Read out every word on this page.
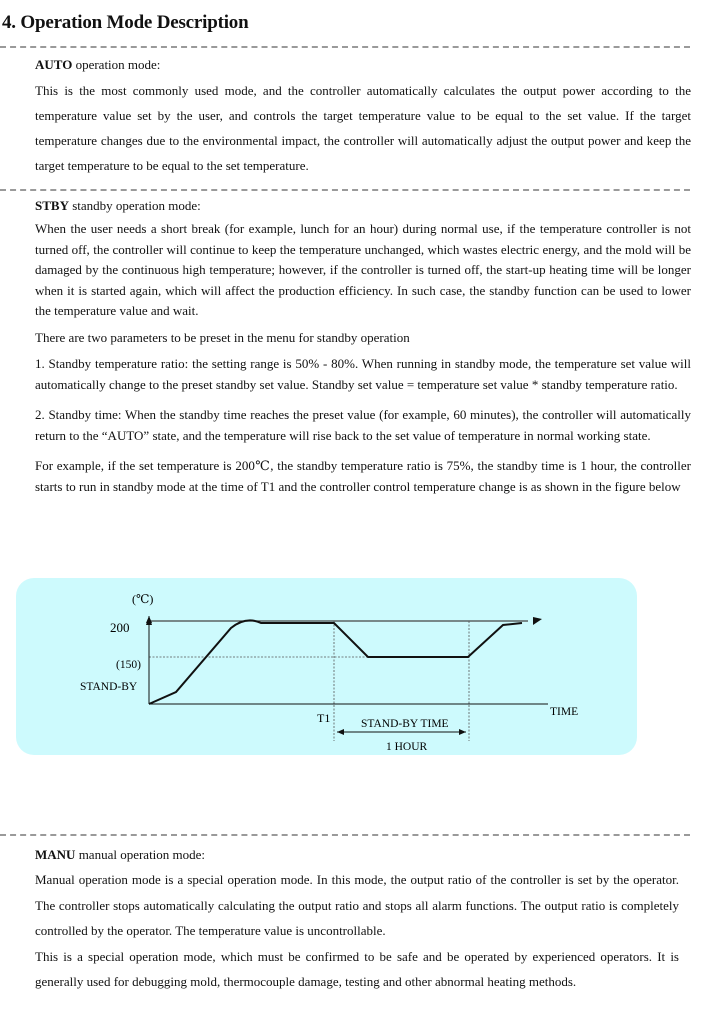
4. Operation Mode Description

AUTO operation mode:

This is the most commonly used mode, and the controller automatically calculates the output power according to the temperature value set by the user, and controls the target temperature value to be equal to the set value. If the target temperature changes due to the environmental impact, the controller will automatically adjust the output power and keep the target temperature to be equal to the set temperature.

STBY standby operation mode:

When the user needs a short break (for example, lunch for an hour) during normal use, if the temperature controller is not turned off, the controller will continue to keep the temperature unchanged, which wastes electric energy, and the mold will be damaged by the continuous high temperature; however, if the controller is turned off, the start-up heating time will be longer when it is started again, which will affect the production efficiency. In such case, the standby function can be used to lower the temperature value and wait.

There are two parameters to be preset in the menu for standby operation

1. Standby temperature ratio: the setting range is 50% - 80%. When running in standby mode, the temperature set value will automatically change to the preset standby set value. Standby set value = temperature set value * standby temperature ratio.

2. Standby time: When the standby time reaches the preset value (for example, 60 minutes), the controller will automatically return to the “AUTO” state, and the temperature will rise back to the set value of temperature in normal working state.

For example, if the set temperature is 200℃, the standby temperature ratio is 75%, the standby time is 1 hour, the controller starts to run in standby mode at the time of T1 and the controller control temperature change is as shown in the figure below

(℃)
200
(150)
STAND-BY
T1	TIME
STAND-BY TIME
1 HOUR

MANU manual operation mode:

Manual operation mode is a special operation mode. In this mode, the output ratio of the controller is set by the operator. The controller stops automatically calculating the output ratio and stops all alarm functions. The output ratio is completely controlled by the operator. The temperature value is uncontrollable.

This is a special operation mode, which must be confirmed to be safe and be operated by experienced operators. It is generally used for debugging mold, thermocouple damage, testing and other abnormal heating methods.
